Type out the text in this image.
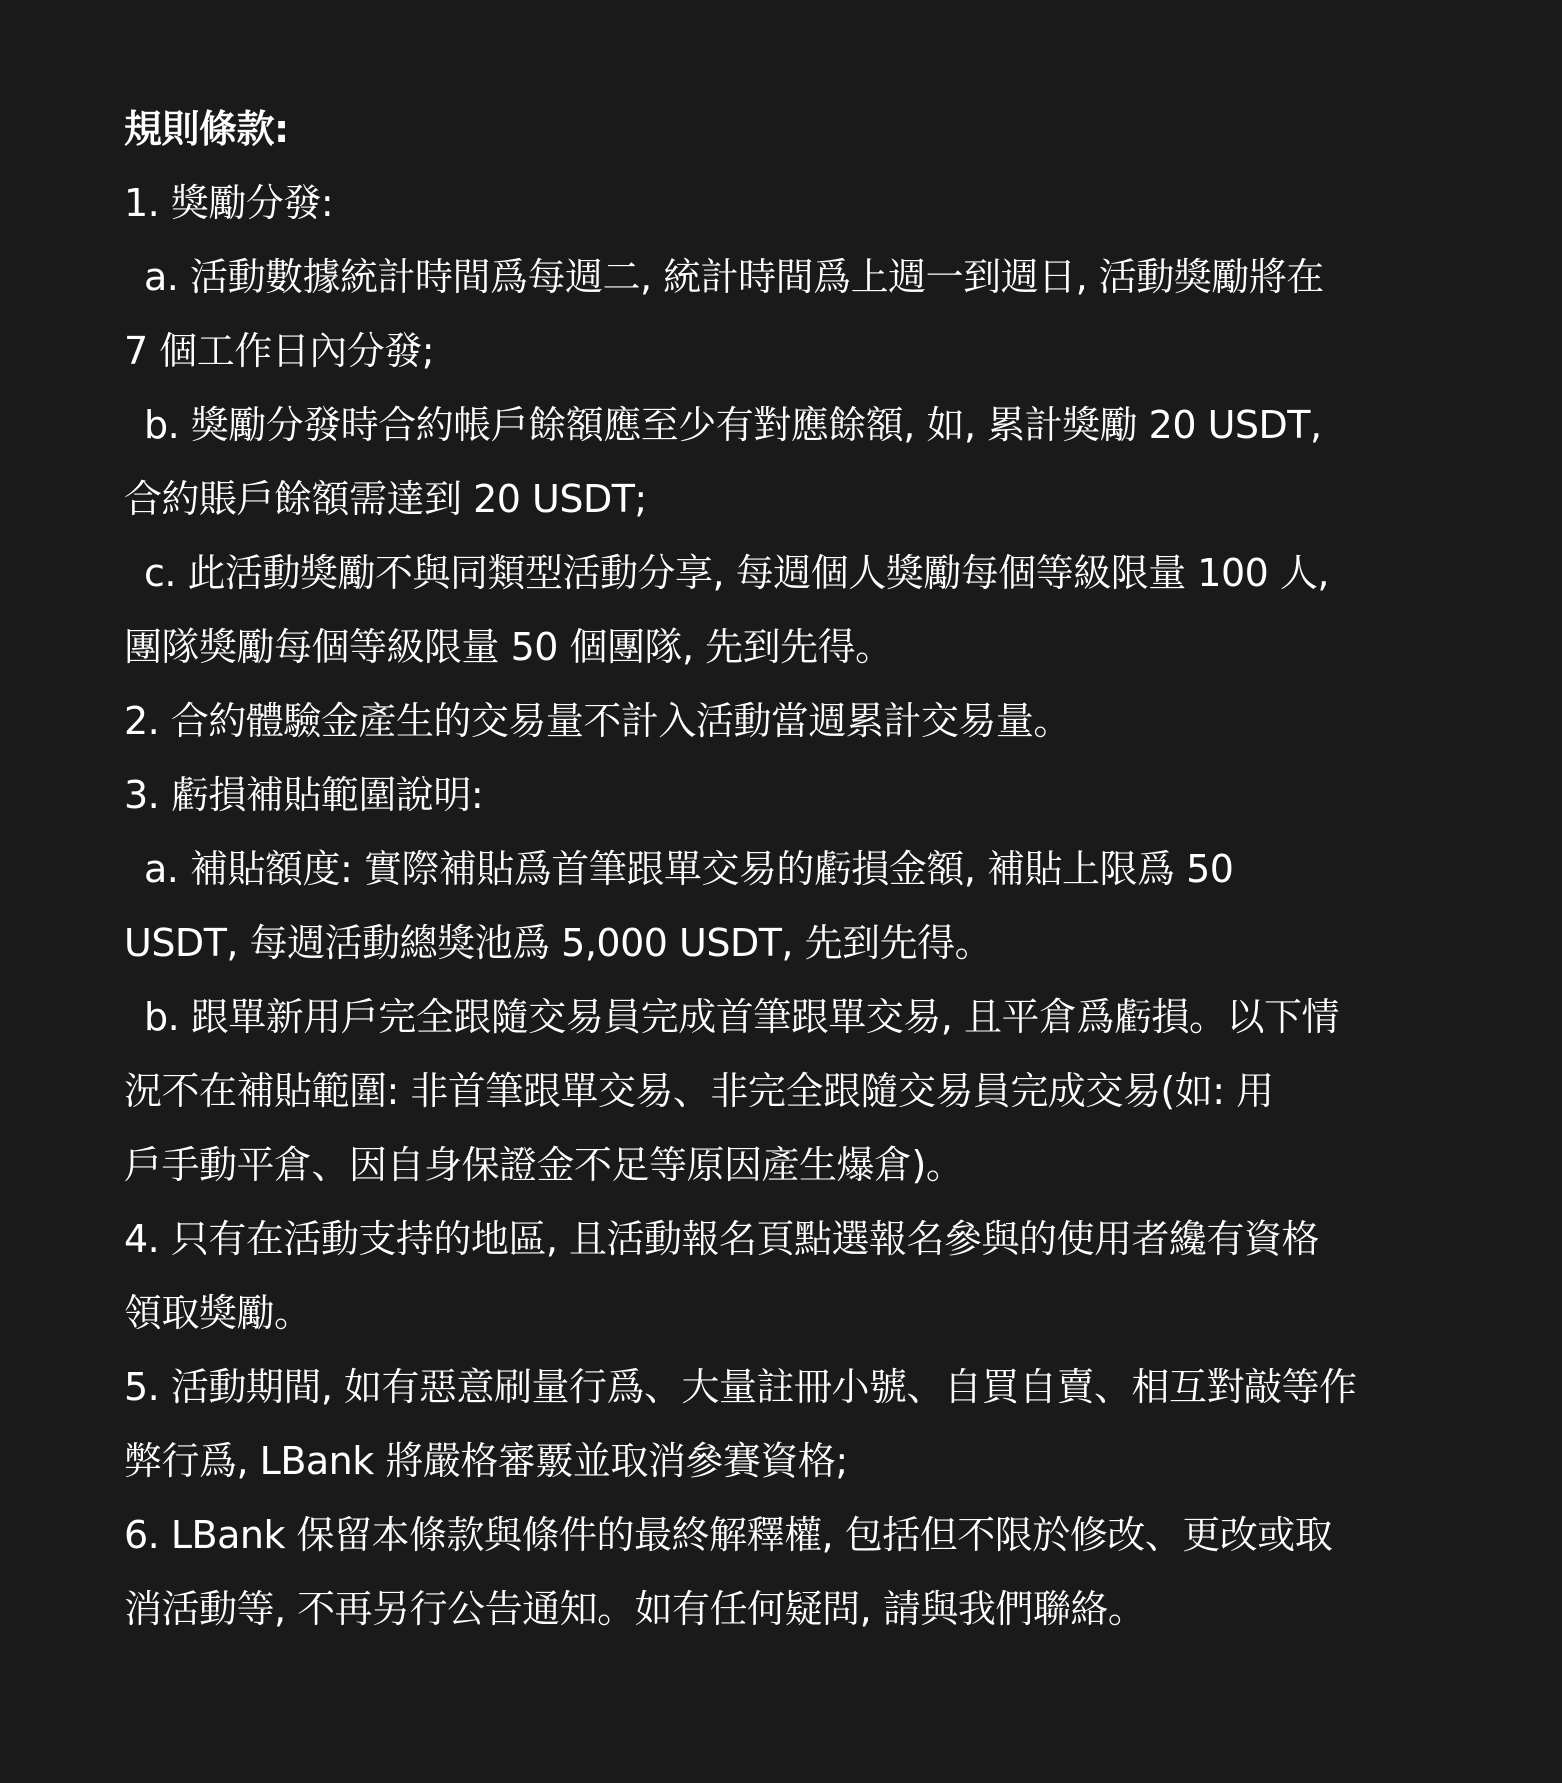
規則條款:
1. 獎勵分發:
a. 活動數據統計時間爲每週二, 統計時間爲上週一到週日, 活動獎勵將在
7 個工作日內分發;
b. 獎勵分發時合約帳戶餘額應至少有對應餘額, 如, 累計獎勵 20 USDT,
合約賬戶餘額需達到 20 USDT;
c. 此活動獎勵不與同類型活動分享, 每週個人獎勵每個等級限量 100 人,
團隊獎勵每個等級限量 50 個團隊, 先到先得。
2. 合約體驗金產生的交易量不計入活動當週累計交易量。
3. 虧損補貼範圍說明:
a. 補貼額度: 實際補貼爲首筆跟單交易的虧損金額, 補貼上限爲 50
USDT, 每週活動總獎池爲 5,000 USDT, 先到先得。
b. 跟單新用戶完全跟隨交易員完成首筆跟單交易, 且平倉爲虧損。以下情
況不在補貼範圍: 非首筆跟單交易、非完全跟隨交易員完成交易(如: 用
戶手動平倉、因自身保證金不足等原因產生爆倉)。
4. 只有在活動支持的地區, 且活動報名頁點選報名參與的使用者纔有資格
領取獎勵。
5. 活動期間, 如有惡意刷量行爲、大量註冊小號、自買自賣、相互對敲等作
弊行爲, LBank 將嚴格審覈並取消參賽資格;
6. LBank 保留本條款與條件的最終解釋權, 包括但不限於修改、更改或取
消活動等, 不再另行公告通知。如有任何疑問, 請與我們聯絡。
